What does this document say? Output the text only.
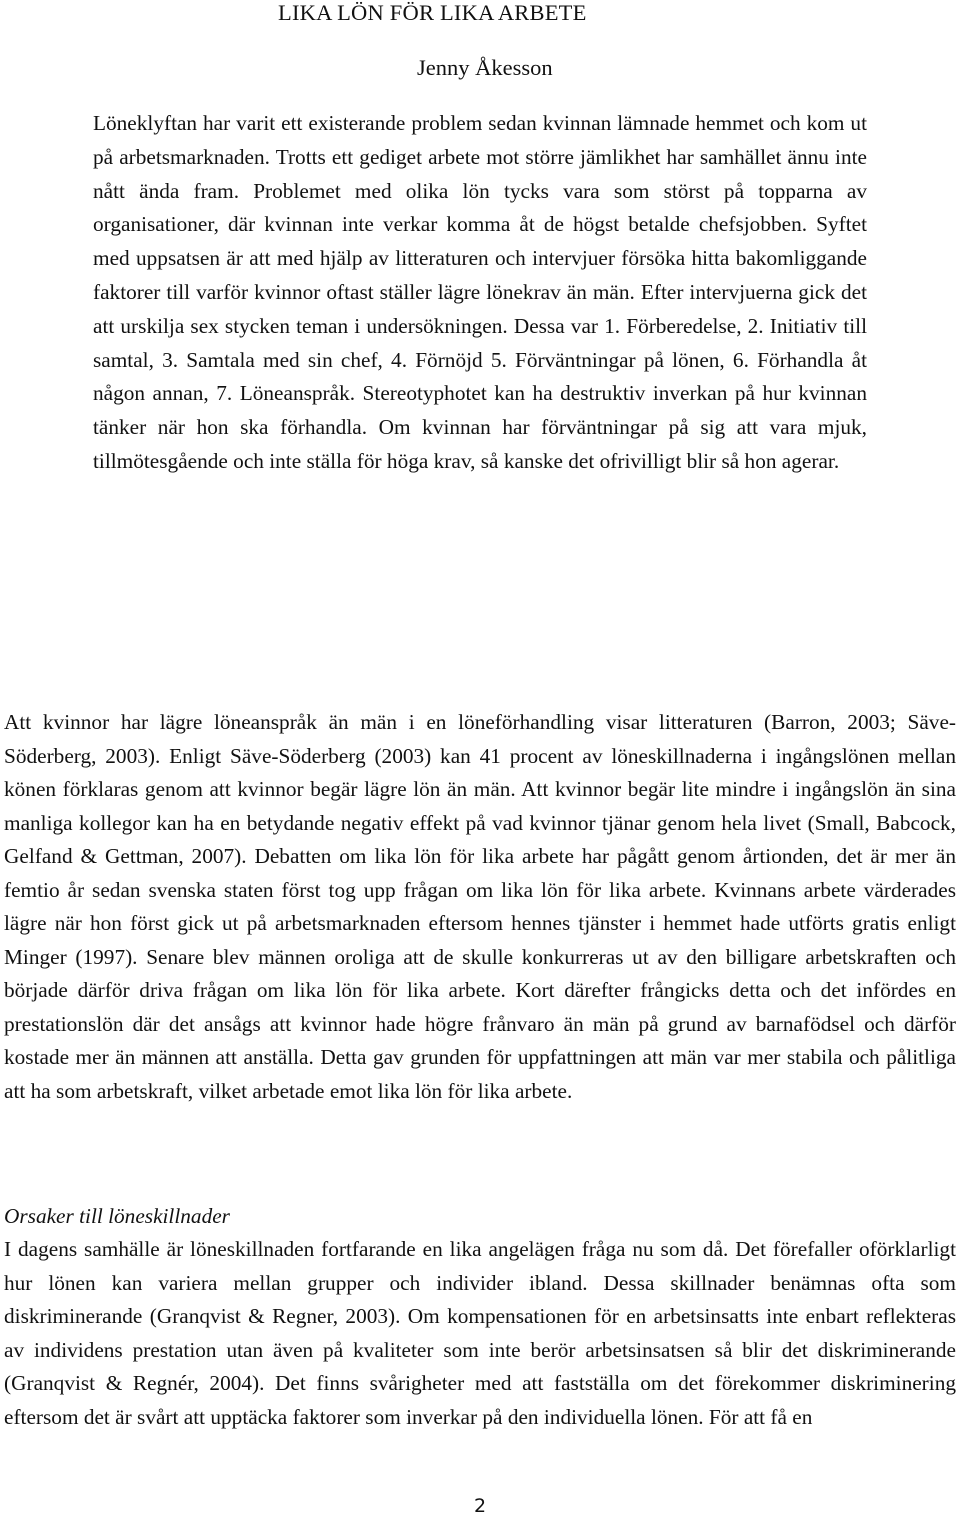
LIKA LÖN FÖR LIKA ARBETE
Jenny Åkesson

Löneklyftan har varit ett existerande problem sedan kvinnan lämnade hemmet och kom ut på arbetsmarknaden. Trotts ett gediget arbete mot större jämlikhet har samhället ännu inte nått ända fram. Problemet med olika lön tycks vara som störst på topparna av organisationer, där kvinnan inte verkar komma åt de högst betalde chefsjobben. Syftet med uppsatsen är att med hjälp av litteraturen och intervjuer försöka hitta bakomliggande faktorer till varför kvinnor oftast ställer lägre lönekrav än män. Efter intervjuerna gick det att urskilja sex stycken teman i undersökningen. Dessa var 1. Förberedelse, 2. Initiativ till samtal, 3. Samtala med sin chef, 4. Förnöjd 5. Förväntningar på lönen, 6. Förhandla åt någon annan, 7. Löneanspråk. Stereotyphotet kan ha destruktiv inverkan på hur kvinnan tänker när hon ska förhandla. Om kvinnan har förväntningar på sig att vara mjuk, tillmötesgående och inte ställa för höga krav, så kanske det ofrivilligt blir så hon agerar.

Att kvinnor har lägre löneanspråk än män i en löneförhandling visar litteraturen (Barron, 2003; Säve-Söderberg, 2003). Enligt Säve-Söderberg (2003) kan 41 procent av löneskillnaderna i ingångslönen mellan könen förklaras genom att kvinnor begär lägre lön än män. Att kvinnor begär lite mindre i ingångslön än sina manliga kollegor kan ha en betydande negativ effekt på vad kvinnor tjänar genom hela livet (Small, Babcock, Gelfand & Gettman, 2007). Debatten om lika lön för lika arbete har pågått genom årtionden, det är mer än femtio år sedan svenska staten först tog upp frågan om lika lön för lika arbete. Kvinnans arbete värderades lägre när hon först gick ut på arbetsmarknaden eftersom hennes tjänster i hemmet hade utförts gratis enligt Minger (1997). Senare blev männen oroliga att de skulle konkurreras ut av den billigare arbetskraften och började därför driva frågan om lika lön för lika arbete. Kort därefter frångicks detta och det infördes en prestationslön där det ansågs att kvinnor hade högre frånvaro än män på grund av barnafödsel och därför kostade mer än männen att anställa. Detta gav grunden för uppfattningen att män var mer stabila och pålitliga att ha som arbetskraft, vilket arbetade emot lika lön för lika arbete.

Orsaker till löneskillnader

I dagens samhälle är löneskillnaden fortfarande en lika angelägen fråga nu som då. Det förefaller oförklarligt hur lönen kan variera mellan grupper och individer ibland. Dessa skillnader benämnas ofta som diskriminerande (Granqvist & Regner, 2003). Om kompensationen för en arbetsinsatts inte enbart reflekteras av individens prestation utan även på kvaliteter som inte berör arbetsinsatsen så blir det diskriminerande (Granqvist & Regnér, 2004). Det finns svårigheter med att fastställa om det förekommer diskriminering eftersom det är svårt att upptäcka faktorer som inverkar på den individuella lönen. För att få en

2
